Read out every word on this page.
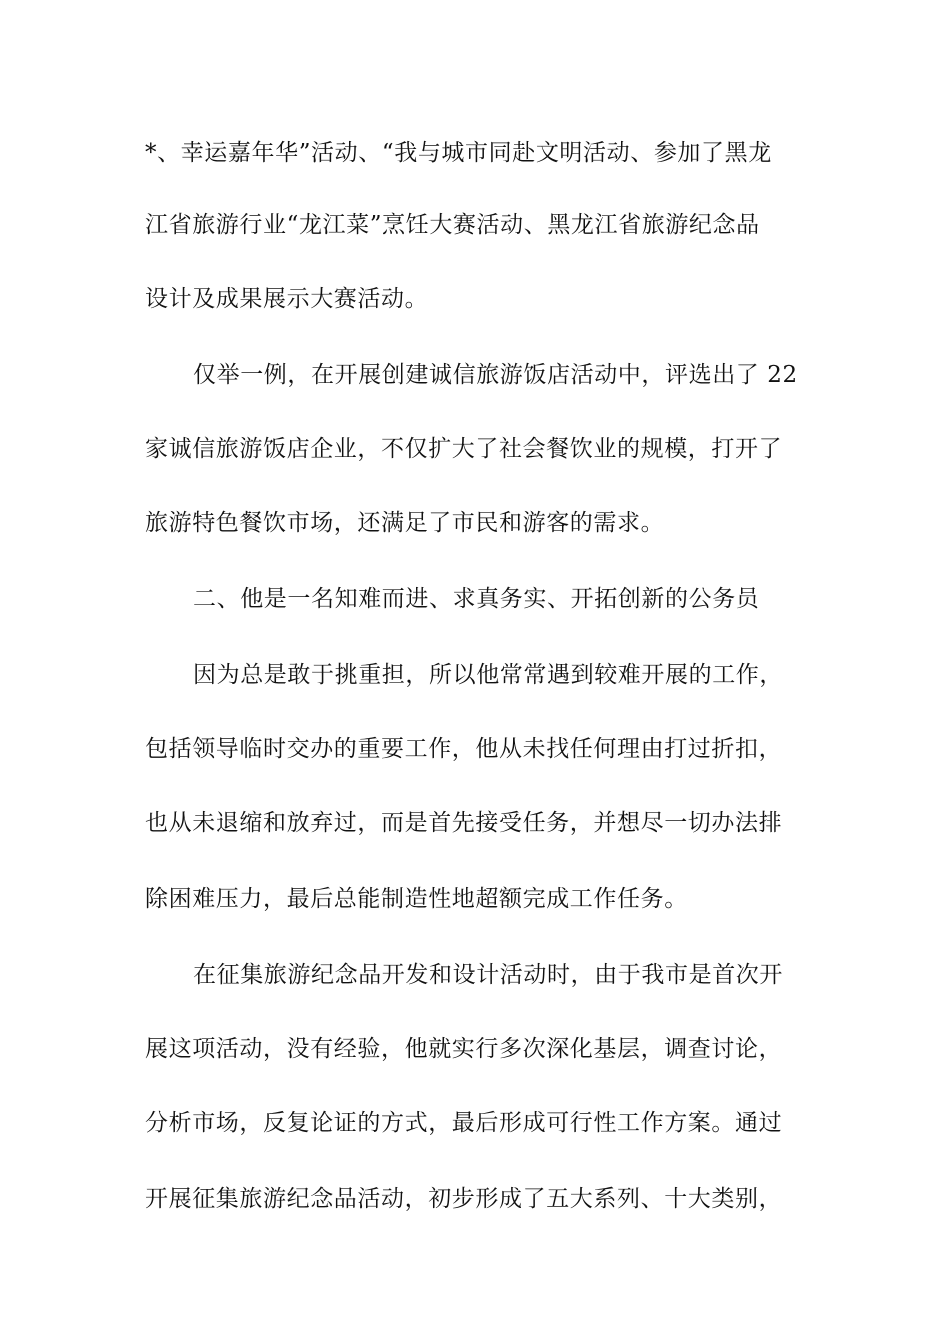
*、幸运嘉年华”活动、“我与城市同赴文明活动、参加了黑龙
江省旅游行业“龙江菜”烹饪大赛活动、黑龙江省旅游纪念品
设计及成果展示大赛活动。
仅举一例，在开展创建诚信旅游饭店活动中，评选出了 22
家诚信旅游饭店企业，不仅扩大了社会餐饮业的规模，打开了
旅游特色餐饮市场，还满足了市民和游客的需求。
二、他是一名知难而进、求真务实、开拓创新的公务员
因为总是敢于挑重担，所以他常常遇到较难开展的工作，
包括领导临时交办的重要工作，他从未找任何理由打过折扣，
也从未退缩和放弃过，而是首先接受任务，并想尽一切办法排
除困难压力，最后总能制造性地超额完成工作任务。
在征集旅游纪念品开发和设计活动时，由于我市是首次开
展这项活动，没有经验，他就实行多次深化基层，调查讨论，
分析市场，反复论证的方式，最后形成可行性工作方案。通过
开展征集旅游纪念品活动，初步形成了五大系列、十大类别，
